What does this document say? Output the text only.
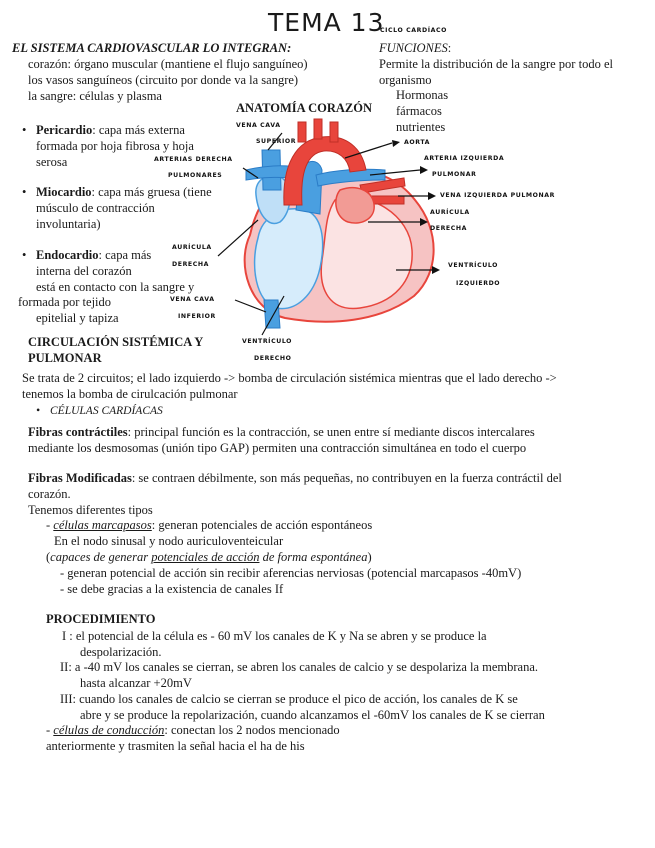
TEMA 13
CICLO CARDÍACO
EL SISTEMA CARDIOVASCULAR LO INTEGRAN:
corazón: órgano muscular (mantiene el flujo sanguíneo)
los vasos sanguíneos (circuito por donde va la sangre)
la sangre: células y plasma
FUNCIONES:
Permite la distribución de la sangre por todo el
organismo
Hormonas
fármacos
nutrientes
ANATOMÍA CORAZÓN
• Pericardio: capa más externa
formada por hoja fibrosa y hoja
serosa
• Miocardio: capa más gruesa (tiene
músculo de contracción
involuntaria)
• Endocardio: capa más
interna del corazón
está en contacto con la sangre y
formada por tejido
epitelial y tapiza
VENA CAVA
SUPERIOR
ARTERIAS DERECHA
PULMONARES
AURÍCULA
DERECHA
VENA CAVA
INFERIOR
VENTRÍCULO
DERECHO
AORTA
ARTERIA IZQUIERDA
PULMONAR
VENA IZQUIERDA PULMONAR
AURÍCULA
DERECHA
VENTRÍCULO
IZQUIERDO
CIRCULACIÓN SISTÉMICA Y
PULMONAR
Se trata de 2 circuitos; el lado izquierdo -> bomba de circulación sistémica mientras que el lado derecho ->
tenemos la bomba de cirulcación pulmonar
• CÉLULAS CARDÍACAS
Fibras contráctiles: principal función es la contracción, se unen entre sí mediante discos intercalares
mediante los desmosomas (unión tipo GAP) permiten una contracción simultánea en todo el cuerpo
Fibras Modificadas: se contraen débilmente, son más pequeñas, no contribuyen en la fuerza contráctil del
corazón.
Tenemos diferentes tipos
- células marcapasos: generan potenciales de acción espontáneos
En el nodo sinusal y nodo auriculoventeicular
(capaces de generar potenciales de acción de forma espontánea)
- generan potencial de acción sin recibir aferencias nerviosas (potencial marcapasos -40mV)
- se debe gracias a la existencia de canales If
PROCEDIMIENTO
I : el potencial de la célula es - 60 mV los canales de K y Na se abren y se produce la
despolarización.
II: a -40 mV los canales se cierran, se abren los canales de calcio y se despolariza la membrana.
hasta alcanzar +20mV
III: cuando los canales de calcio se cierran se produce el pico de acción, los canales de K se
abre y se produce la repolarización, cuando alcanzamos el -60mV los canales de K se cierran
- células de conducción: conectan los 2 nodos mencionado
anteriormente y trasmiten la señal hacia el ha de his
